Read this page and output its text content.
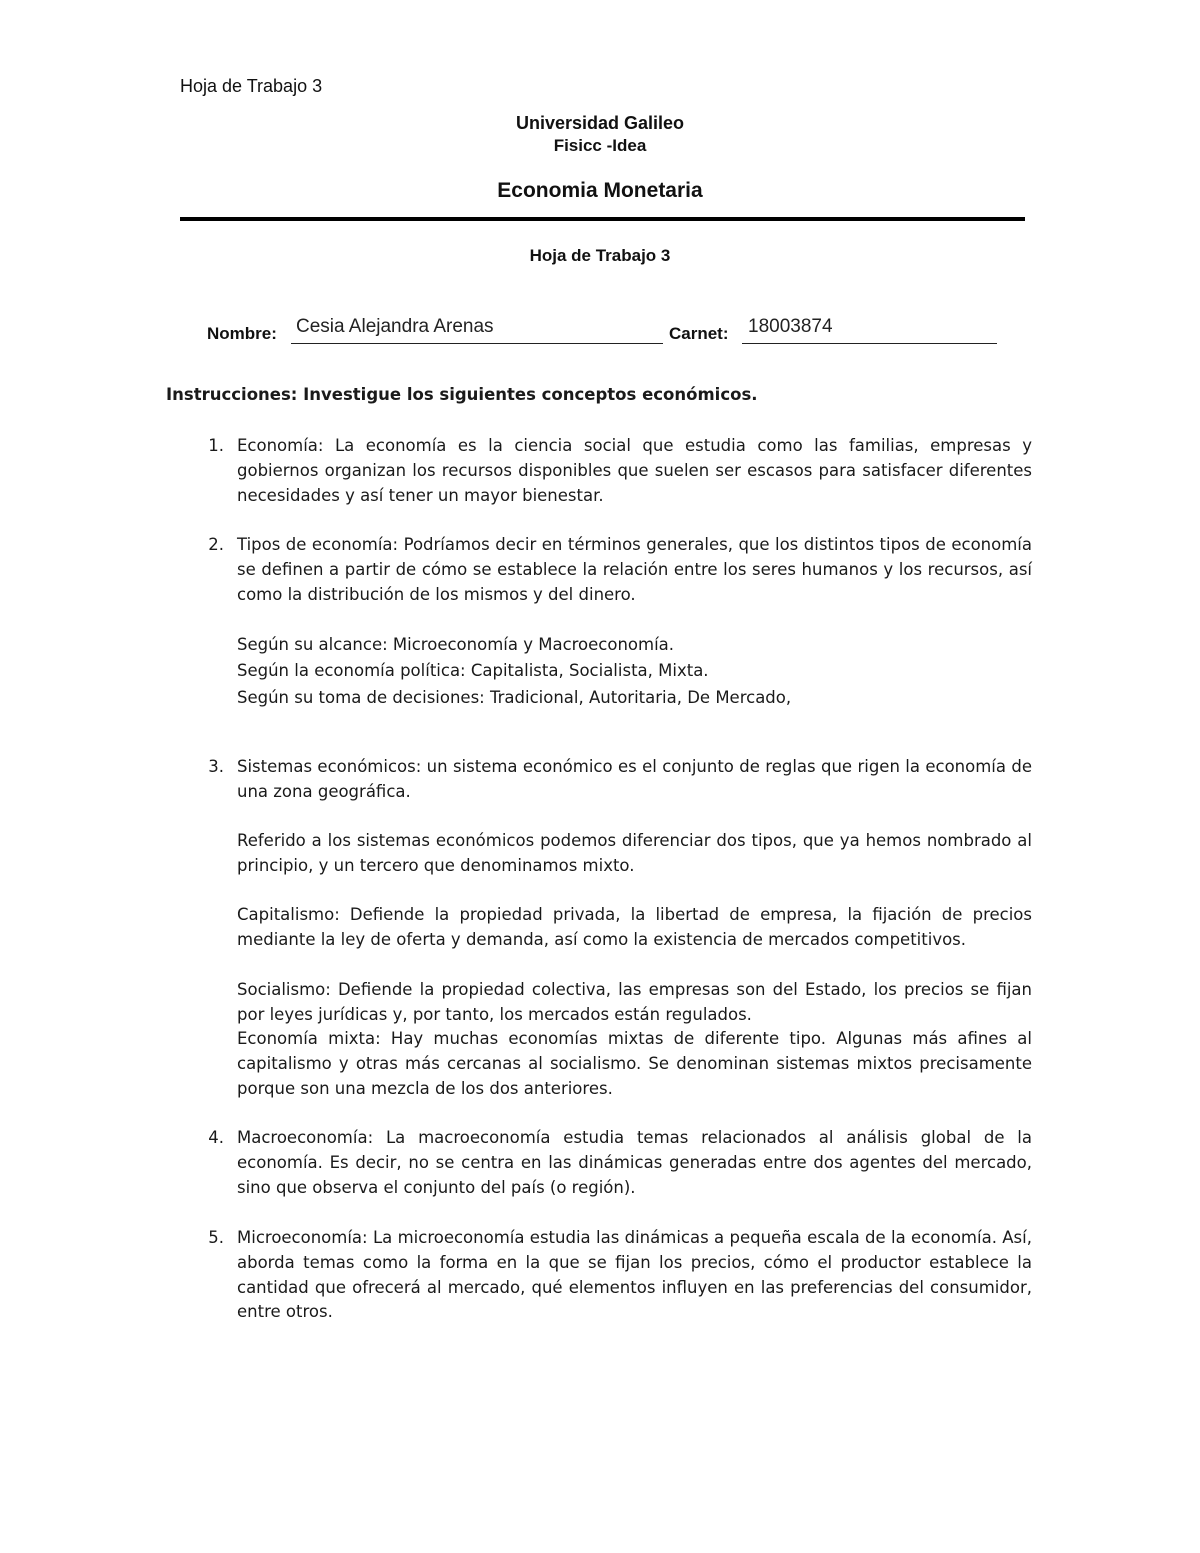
Hoja de Trabajo 3
Universidad Galileo
Fisicc -Idea
Economia Monetaria
Hoja de Trabajo 3
Nombre: Cesia Alejandra Arenas	Carnet: 18003874
Instrucciones: Investigue los siguientes conceptos económicos.
1. Economía: La economía es la ciencia social que estudia como las familias, empresas y gobiernos organizan los recursos disponibles que suelen ser escasos para satisfacer diferentes necesidades y así tener un mayor bienestar.
2. Tipos de economía: Podríamos decir en términos generales, que los distintos tipos de economía se definen a partir de cómo se establece la relación entre los seres humanos y los recursos, así como la distribución de los mismos y del dinero.
Según su alcance: Microeconomía y Macroeconomía.
Según la economía política: Capitalista, Socialista, Mixta.
Según su toma de decisiones: Tradicional, Autoritaria, De Mercado,
3. Sistemas económicos: un sistema económico es el conjunto de reglas que rigen la economía de una zona geográfica.
Referido a los sistemas económicos podemos diferenciar dos tipos, que ya hemos nombrado al principio, y un tercero que denominamos mixto.
Capitalismo: Defiende la propiedad privada, la libertad de empresa, la fijación de precios mediante la ley de oferta y demanda, así como la existencia de mercados competitivos.
Socialismo: Defiende la propiedad colectiva, las empresas son del Estado, los precios se fijan por leyes jurídicas y, por tanto, los mercados están regulados.
Economía mixta: Hay muchas economías mixtas de diferente tipo. Algunas más afines al capitalismo y otras más cercanas al socialismo. Se denominan sistemas mixtos precisamente porque son una mezcla de los dos anteriores.
4. Macroeconomía: La macroeconomía estudia temas relacionados al análisis global de la economía. Es decir, no se centra en las dinámicas generadas entre dos agentes del mercado, sino que observa el conjunto del país (o región).
5. Microeconomía: La microeconomía estudia las dinámicas a pequeña escala de la economía. Así, aborda temas como la forma en la que se fijan los precios, cómo el productor establece la cantidad que ofrecerá al mercado, qué elementos influyen en las preferencias del consumidor, entre otros.
